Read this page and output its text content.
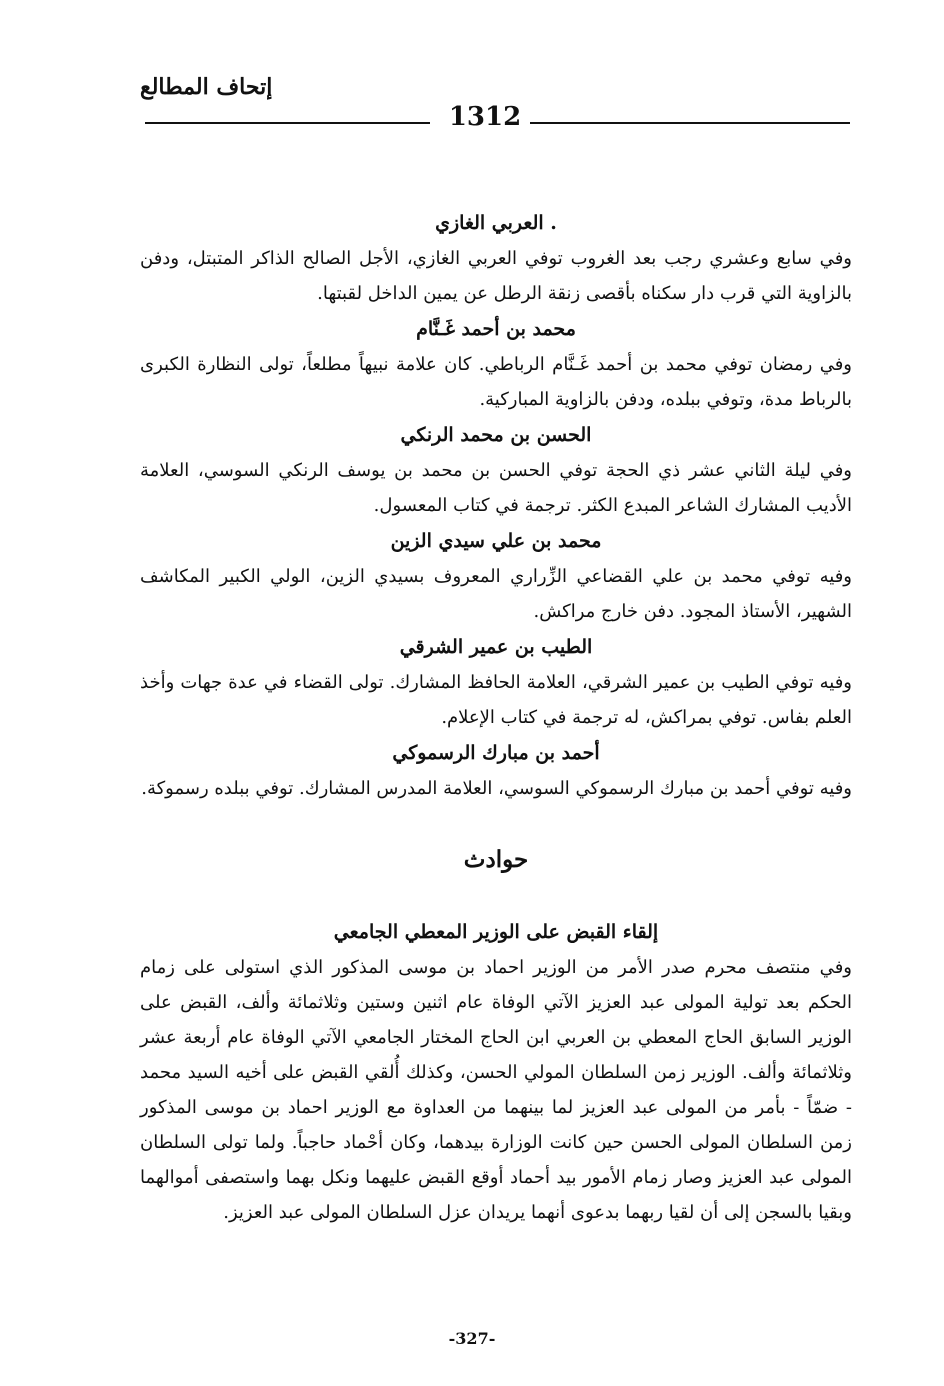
إتحاف المطالع
1312
. العربي الغازي

وفي سابع وعشري رجب بعد الغروب توفي العربي الغازي، الأجل الصالح الذاكر المتبتل، ودفن بالزاوية التي قرب دار سكناه بأقصى زنقة الرطل عن يمين الداخل لقبتها.

محمد بن أحمد غَـنَّام

وفي رمضان توفي محمد بن أحمد غَـنَّام الرباطي. كان علامة نبيهاً مطلعاً، تولى النظارة الكبرى بالرباط مدة، وتوفي ببلده، ودفن بالزاوية المباركية.

الحسن بن محمد الرنكي

وفي ليلة الثاني عشر ذي الحجة توفي الحسن بن محمد بن يوسف الرنكي السوسي، العلامة الأديب المشارك الشاعر المبدع الكثر. ترجمة في كتاب المعسول.

محمد بن علي سيدي الزين

وفيه توفي محمد بن علي القضاعي الزِّراري المعروف بسيدي الزين، الولي الكبير المكاشف الشهير، الأستاذ المجود. دفن خارج مراكش.

الطيب بن عمير الشرقي

وفيه توفي الطيب بن عمير الشرقي، العلامة الحافظ المشارك. تولى القضاء في عدة جهات وأخذ العلم بفاس. توفي بمراكش، له ترجمة في كتاب الإعلام.

أحمد بن مبارك الرسموكي

وفيه توفي أحمد بن مبارك الرسموكي السوسي، العلامة المدرس المشارك. توفي ببلده رسموكة.

حوادث
إلقاء القبض على الوزير المعطي الجامعي

وفي منتصف محرم صدر الأمر من الوزير احماد بن موسى المذكور الذي استولى على زمام الحكم بعد تولية المولى عبد العزيز الآتي الوفاة عام اثنين وستين وثلاثمائة وألف، القبض على الوزير السابق الحاج المعطي بن العربي ابن الحاج المختار الجامعي الآتي الوفاة عام أربعة عشر وثلاثمائة وألف. الوزير زمن السلطان المولي الحسن، وكذلك أُلقي القبض على أخيه السيد محمد - ضمّاً - بأمر من المولى عبد العزيز لما بينهما من العداوة مع الوزير احماد بن موسى المذكور زمن السلطان المولى الحسن حين كانت الوزارة بيدهما، وكان أحْماد حاجباً. ولما تولى السلطان المولى عبد العزيز وصار زمام الأمور بيد أحماد أوقع القبض عليهما ونكل بهما واستصفى أموالهما وبقيا بالسجن إلى أن لقيا ربهما بدعوى أنهما يريدان عزل السلطان المولى عبد العزيز.

-327-
